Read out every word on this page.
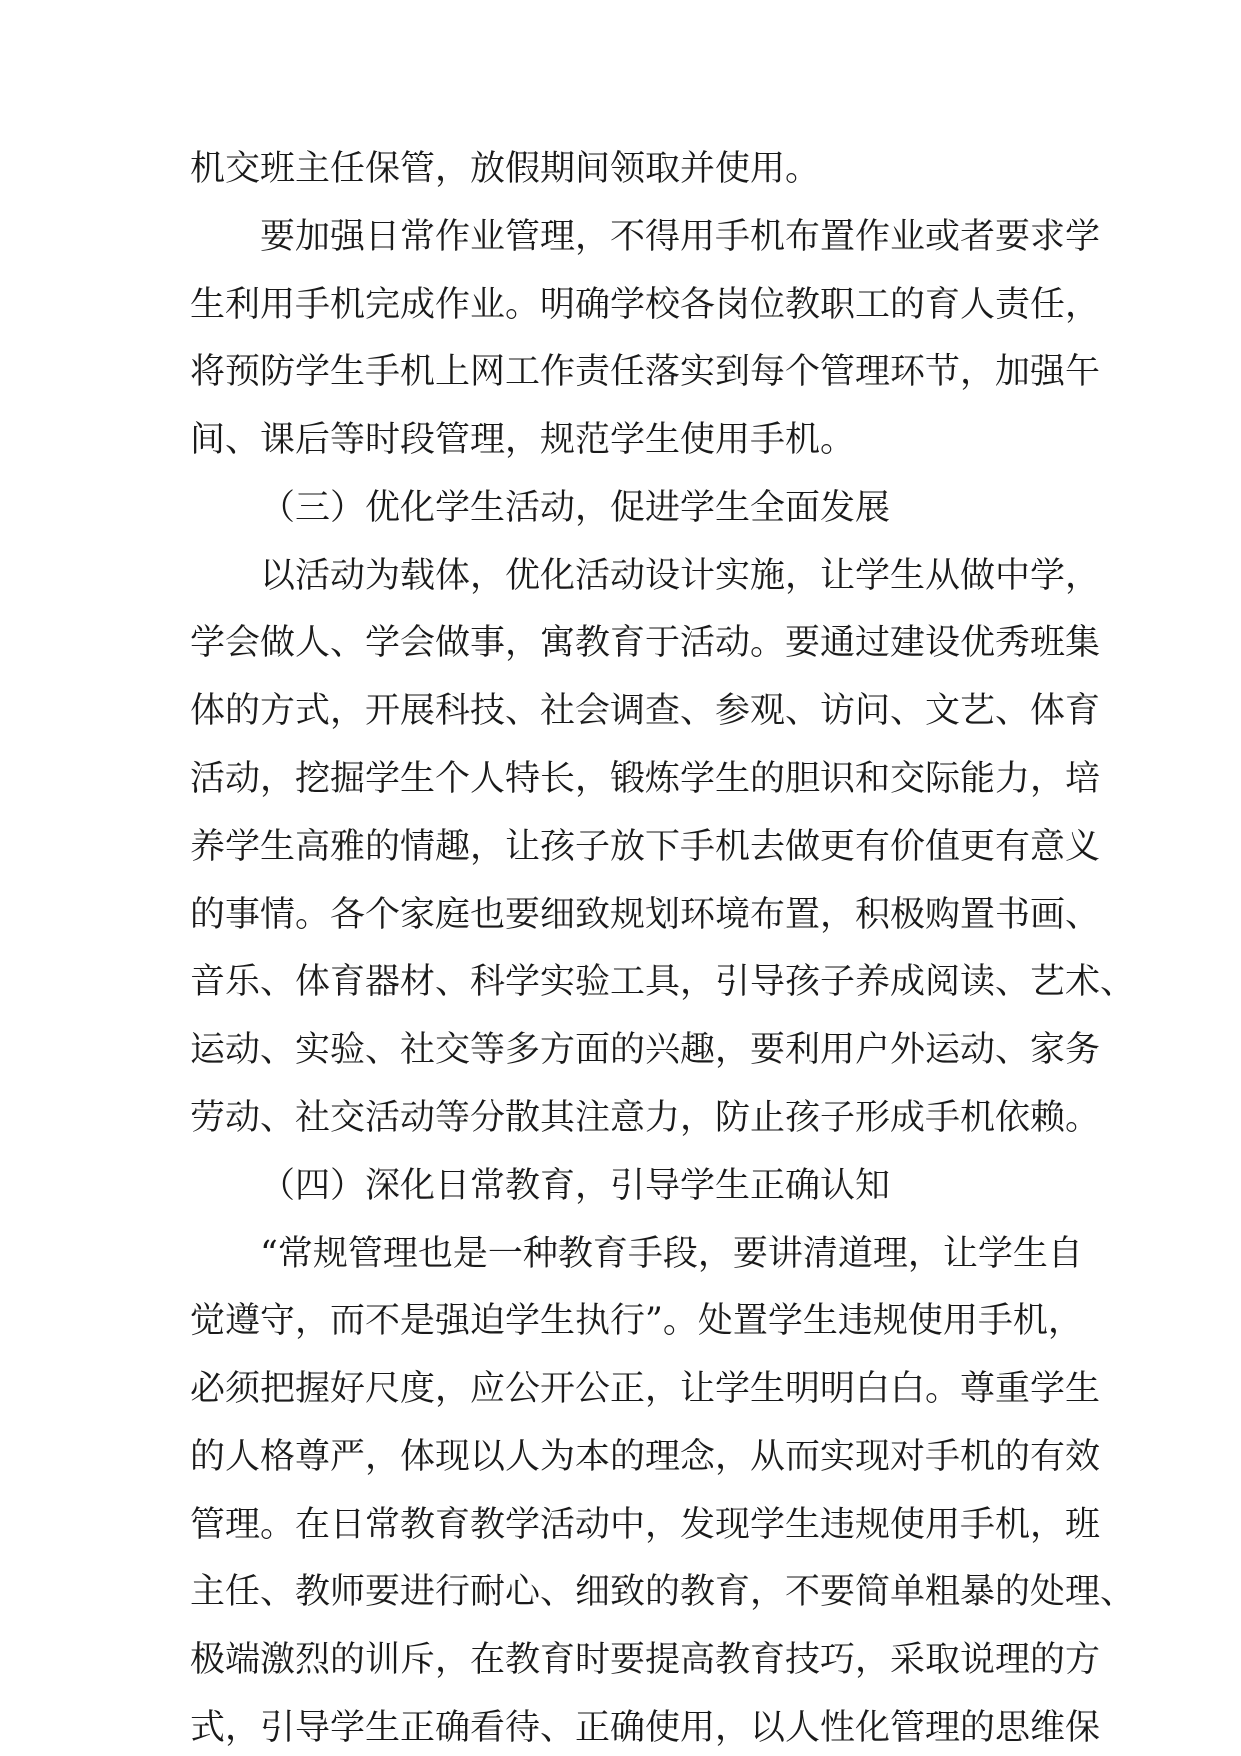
机交班主任保管，放假期间领取并使用。
要加强日常作业管理，不得用手机布置作业或者要求学
生利用手机完成作业。明确学校各岗位教职工的育人责任，
将预防学生手机上网工作责任落实到每个管理环节，加强午
间、课后等时段管理，规范学生使用手机。
（三）优化学生活动，促进学生全面发展
以活动为载体，优化活动设计实施，让学生从做中学，
学会做人、学会做事，寓教育于活动。要通过建设优秀班集
体的方式，开展科技、社会调查、参观、访问、文艺、体育
活动，挖掘学生个人特长，锻炼学生的胆识和交际能力，培
养学生高雅的情趣，让孩子放下手机去做更有价值更有意义
的事情。各个家庭也要细致规划环境布置，积极购置书画、
音乐、体育器材、科学实验工具，引导孩子养成阅读、艺术、
运动、实验、社交等多方面的兴趣，要利用户外运动、家务
劳动、社交活动等分散其注意力，防止孩子形成手机依赖。
（四）深化日常教育，引导学生正确认知
“常规管理也是一种教育手段，要讲清道理，让学生自
觉遵守，而不是强迫学生执行”。处置学生违规使用手机，
必须把握好尺度，应公开公正，让学生明明白白。尊重学生
的人格尊严，体现以人为本的理念，从而实现对手机的有效
管理。在日常教育教学活动中，发现学生违规使用手机，班
主任、教师要进行耐心、细致的教育，不要简单粗暴的处理、
极端激烈的训斥，在教育时要提高教育技巧，采取说理的方
式，引导学生正确看待、正确使用，以人性化管理的思维保
